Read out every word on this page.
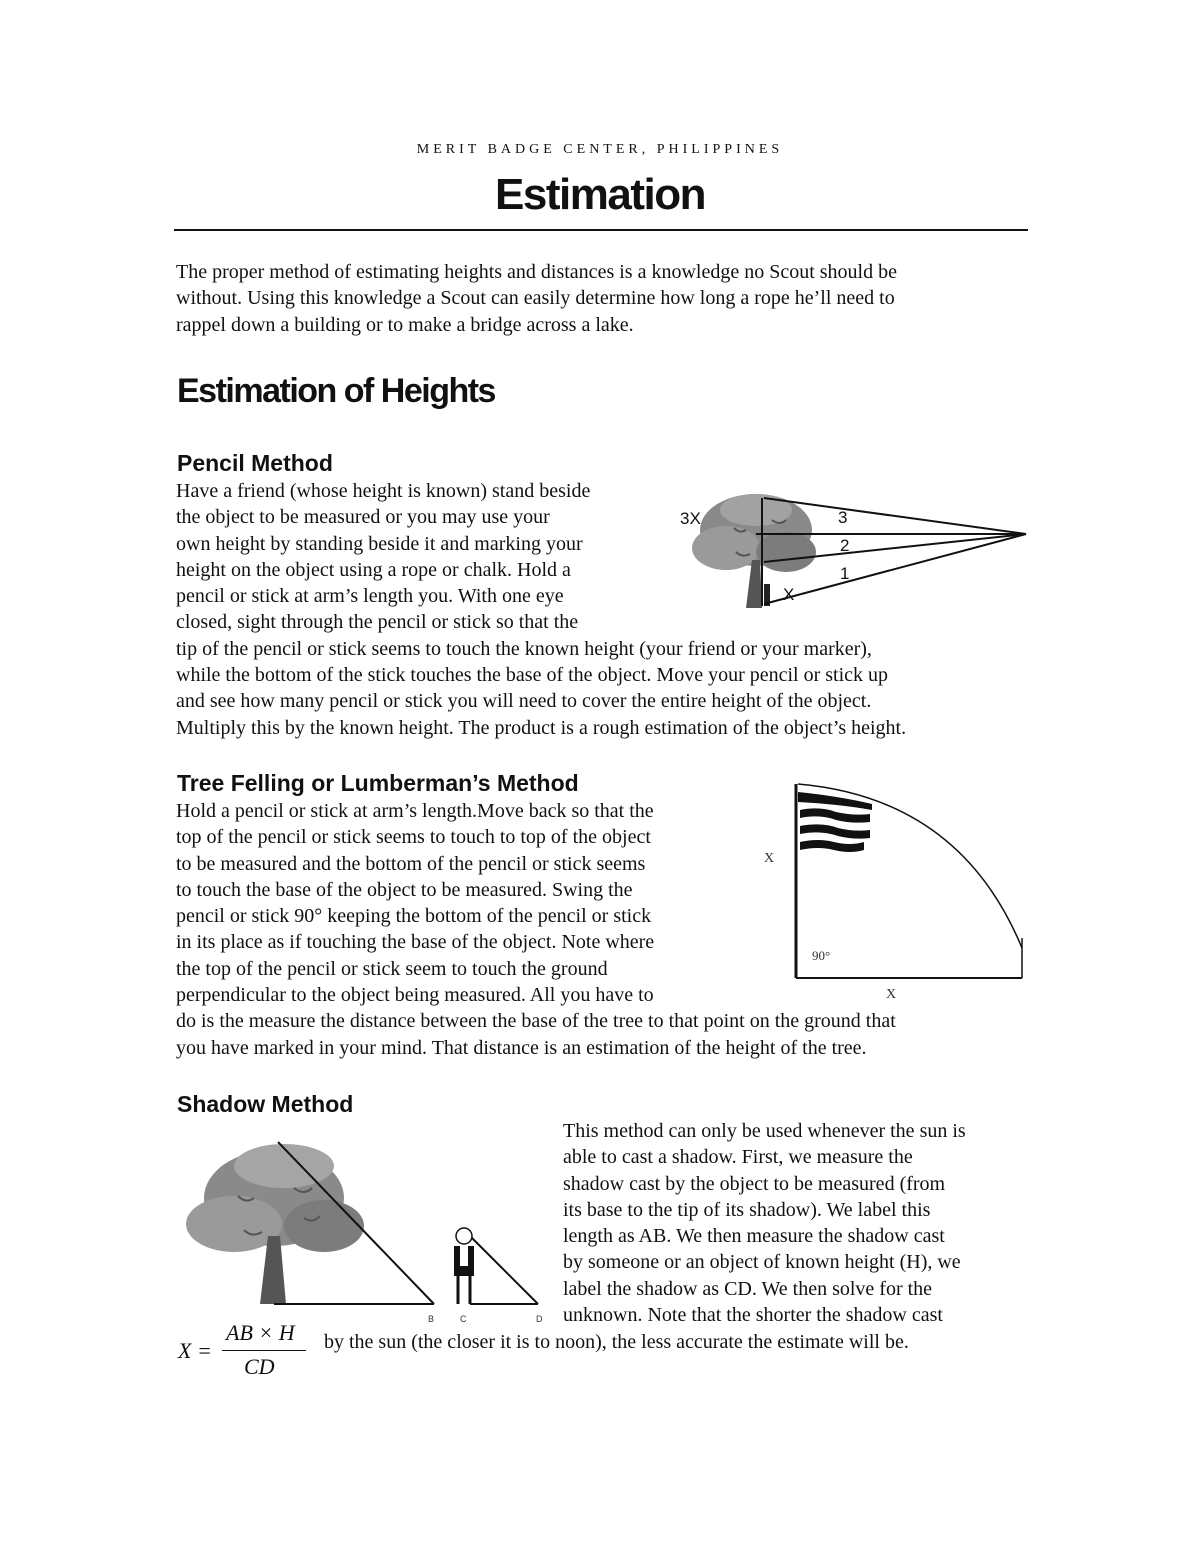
MERIT BADGE CENTER, PHILIPPINES
Estimation
The proper method of estimating heights and distances is a knowledge no Scout should be
without. Using this knowledge a Scout can easily determine how long a rope he’ll need to
rappel down a building or to make a bridge across a lake.
Estimation of Heights
Pencil Method
Have a friend (whose height is known) stand beside
the object to be measured or you may use your
own height by standing beside it and marking your
height on the object using a rope or chalk. Hold a
pencil or stick at arm’s length you. With one eye
closed, sight through the pencil or stick so that the
tip of the pencil or stick seems to touch the known height (your friend or your marker),
while the bottom of the stick touches the base of the object. Move your pencil or stick up
and see how many pencil or stick you will need to cover the entire height of the object.
Multiply this by the known height. The product is a rough estimation of the object’s height.
3X	3
2
1
X
Tree Felling or Lumberman’s Method
Hold a pencil or stick at arm’s length.Move back so that the
top of the pencil or stick seems to touch to top of the object
to be measured and the bottom of the pencil or stick seems
to touch the base of the object to be measured. Swing the
pencil or stick 90° keeping the bottom of the pencil or stick
in its place as if touching the base of the object. Note where
the top of the pencil or stick seem to touch the ground
perpendicular to the object being measured. All you have to
do is the measure the distance between the base of the tree to that point on the ground that
you have marked in your mind. That distance is an estimation of the height of the tree.
X
X
90°
Shadow Method
This method can only be used whenever the sun is
able to cast a shadow. First, we measure the
shadow cast by the object to be measured (from
its base to the tip of its shadow). We label this
length as AB. We then measure the shadow cast
by someone or an object of known height (H), we
label the shadow as CD. We then solve for the
unknown. Note that the shorter the shadow cast
by the sun (the closer it is to noon), the less accurate the estimate will be.
B	C	D
X =
AB × H
CD
